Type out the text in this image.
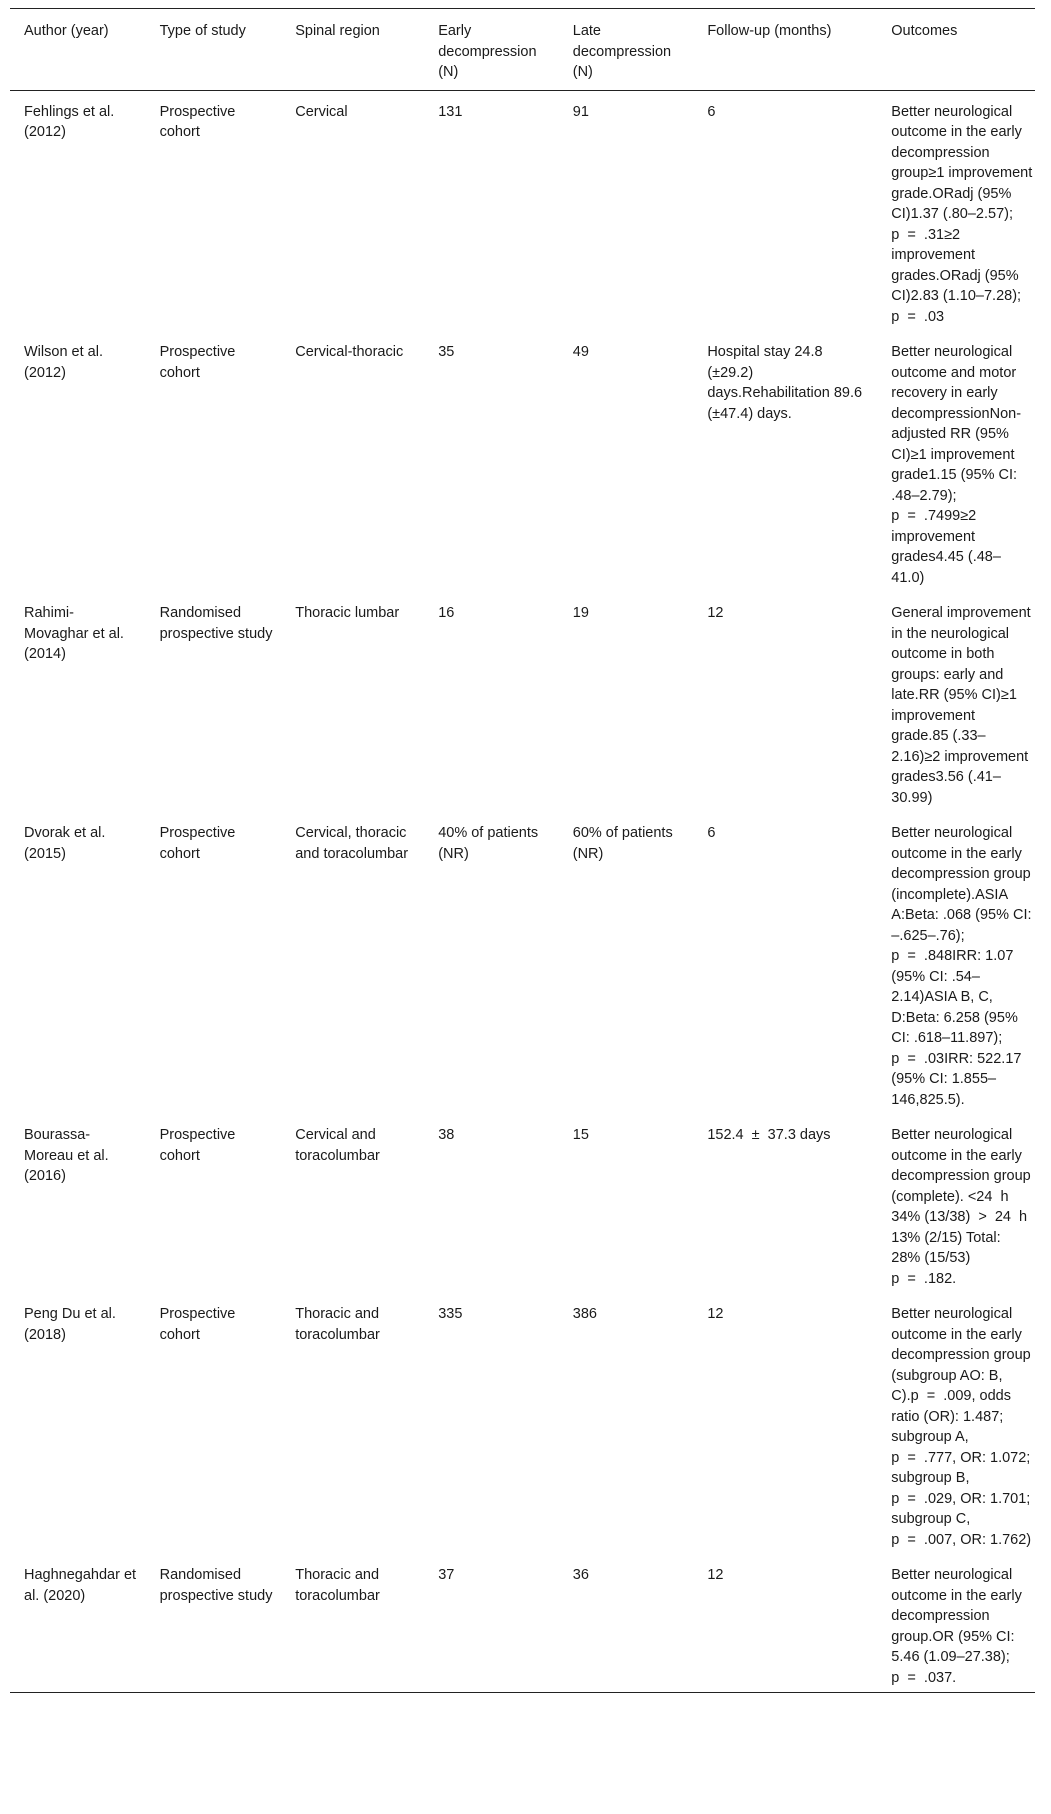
Author (year)	Type of study	Spinal region	Early decompression (N)	Late decompression (N)	Follow-up (months)	Outcomes
Fehlings et al. (2012)	Prospective cohort	Cervical	131	91	6	Better neurological outcome in the early decompression group≥1 improvement grade.ORadj (95% CI)1.37 (.80–2.57); p  =  .31≥2 improvement grades.ORadj (95% CI)2.83 (1.10–7.28); p  =  .03
Wilson et al. (2012)	Prospective cohort	Cervical-thoracic	35	49	Hospital stay 24.8 (±29.2) days.Rehabilitation 89.6 (±47.4) days.	Better neurological outcome and motor recovery in early decompressionNon-adjusted RR (95% CI)≥1 improvement grade1.15 (95% CI: .48–2.79); p  =  .7499≥2 improvement grades4.45 (.48–41.0)
Rahimi-Movaghar et al. (2014)	Randomised prospective study	Thoracic lumbar	16	19	12	General improvement in the neurological outcome in both groups: early and late.RR (95% CI)≥1 improvement grade.85 (.33–2.16)≥2 improvement grades3.56 (.41–30.99)
Dvorak et al. (2015)	Prospective cohort	Cervical, thoracic and toracolumbar	40% of patients (NR)	60% of patients (NR)	6	Better neurological outcome in the early decompression group (incomplete).ASIA A:Beta: .068 (95% CI: –.625–.76); p  =  .848IRR: 1.07 (95% CI: .54–2.14)ASIA B, C, D:Beta: 6.258 (95% CI: .618–11.897); p  =  .03IRR: 522.17 (95% CI: 1.855–146,825.5).
Bourassa-Moreau et al. (2016)	Prospective cohort	Cervical and toracolumbar	38	15	152.4  ±  37.3 days	Better neurological outcome in the early decompression group (complete). <24  h 34% (13/38)  >  24  h 13% (2/15) Total: 28% (15/53) p  =  .182.
Peng Du et al. (2018)	Prospective cohort	Thoracic and toracolumbar	335	386	12	Better neurological outcome in the early decompression group (subgroup AO: B, C).p  =  .009, odds ratio (OR): 1.487; subgroup A, p  =  .777, OR: 1.072; subgroup B, p  =  .029, OR: 1.701; subgroup C, p  =  .007, OR: 1.762)
Haghnegahdar et al. (2020)	Randomised prospective study	Thoracic and toracolumbar	37	36	12	Better neurological outcome in the early decompression group.OR (95% CI: 5.46 (1.09–27.38); p  =  .037.
